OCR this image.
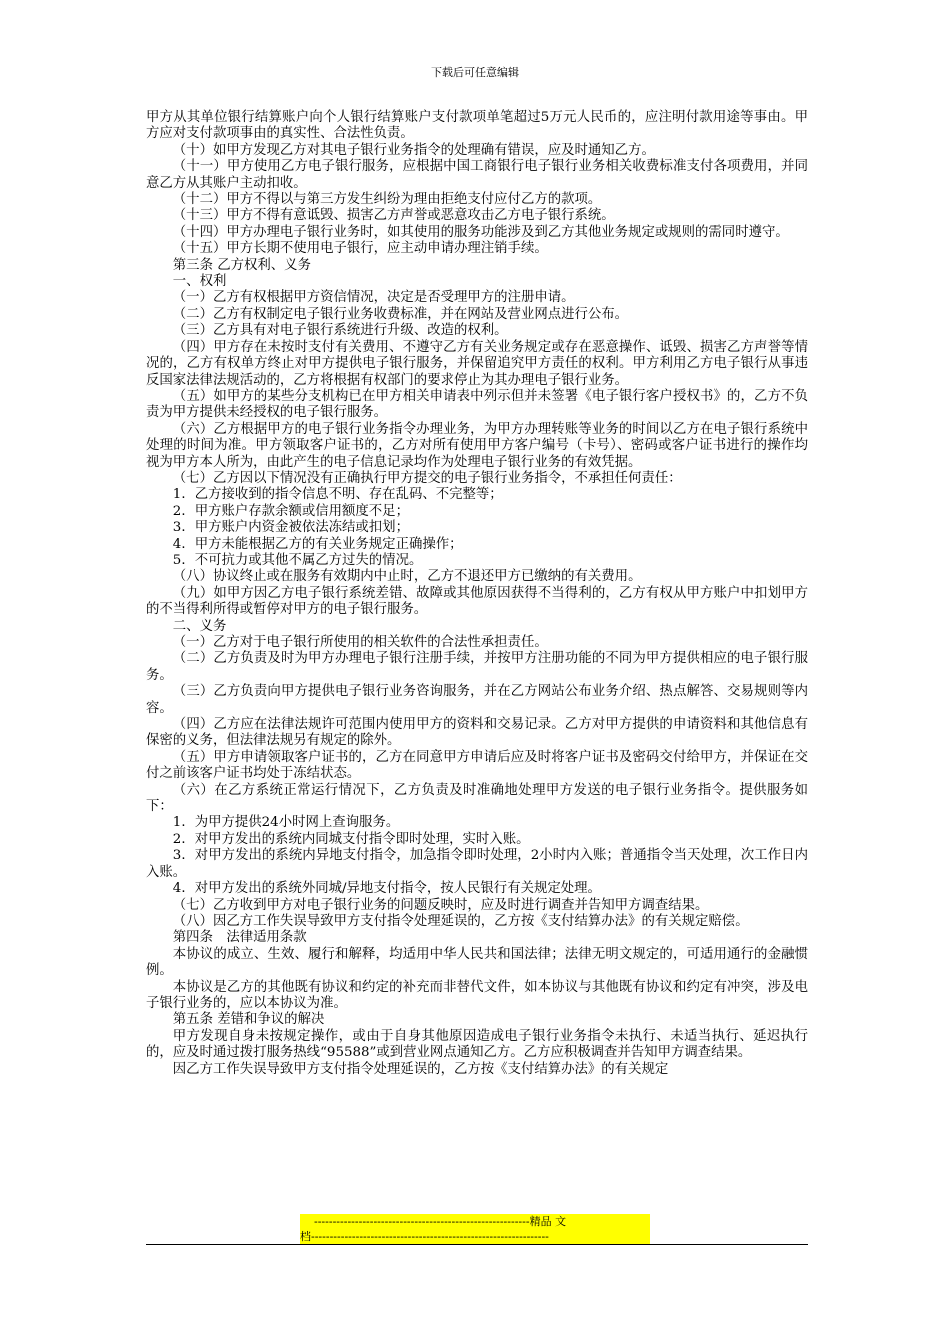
下载后可任意编辑

甲方从其单位银行结算账户向个人银行结算账户支付款项单笔超过5万元人民币的，应注明付款用途等事由。甲方应对支付款项事由的真实性、合法性负责。

（十）如甲方发现乙方对其电子银行业务指令的处理确有错误，应及时通知乙方。

（十一）甲方使用乙方电子银行服务，应根据中国工商银行电子银行业务相关收费标准支付各项费用，并同意乙方从其账户主动扣收。

（十二）甲方不得以与第三方发生纠纷为理由拒绝支付应付乙方的款项。

（十三）甲方不得有意诋毁、损害乙方声誉或恶意攻击乙方电子银行系统。

（十四）甲方办理电子银行业务时，如其使用的服务功能涉及到乙方其他业务规定或规则的需同时遵守。

（十五）甲方长期不使用电子银行，应主动申请办理注销手续。

第三条 乙方权利、义务

一、权利

（一）乙方有权根据甲方资信情况，决定是否受理甲方的注册申请。

（二）乙方有权制定电子银行业务收费标准，并在网站及营业网点进行公布。

（三）乙方具有对电子银行系统进行升级、改造的权利。

（四）甲方存在未按时支付有关费用、不遵守乙方有关业务规定或存在恶意操作、诋毁、损害乙方声誉等情况的，乙方有权单方终止对甲方提供电子银行服务，并保留追究甲方责任的权利。甲方利用乙方电子银行从事违反国家法律法规活动的，乙方将根据有权部门的要求停止为其办理电子银行业务。

（五）如甲方的某些分支机构已在甲方相关申请表中列示但并未签署《电子银行客户授权书》的，乙方不负责为甲方提供未经授权的电子银行服务。

（六）乙方根据甲方的电子银行业务指令办理业务，为甲方办理转账等业务的时间以乙方在电子银行系统中处理的时间为准。甲方领取客户证书的，乙方对所有使用甲方客户编号（卡号）、密码或客户证书进行的操作均视为甲方本人所为，由此产生的电子信息记录均作为处理电子银行业务的有效凭据。

（七）乙方因以下情况没有正确执行甲方提交的电子银行业务指令，不承担任何责任：

1．乙方接收到的指令信息不明、存在乱码、不完整等；

2．甲方账户存款余额或信用额度不足；

3．甲方账户内资金被依法冻结或扣划；

4．甲方未能根据乙方的有关业务规定正确操作；

5．不可抗力或其他不属乙方过失的情况。

（八）协议终止或在服务有效期内中止时，乙方不退还甲方已缴纳的有关费用。

（九）如甲方因乙方电子银行系统差错、故障或其他原因获得不当得利的，乙方有权从甲方账户中扣划甲方的不当得利所得或暂停对甲方的电子银行服务。

二、义务

（一）乙方对于电子银行所使用的相关软件的合法性承担责任。

（二）乙方负责及时为甲方办理电子银行注册手续，并按甲方注册功能的不同为甲方提供相应的电子银行服务。

（三）乙方负责向甲方提供电子银行业务咨询服务，并在乙方网站公布业务介绍、热点解答、交易规则等内容。

（四）乙方应在法律法规许可范围内使用甲方的资料和交易记录。乙方对甲方提供的申请资料和其他信息有保密的义务，但法律法规另有规定的除外。

（五）甲方申请领取客户证书的，乙方在同意甲方申请后应及时将客户证书及密码交付给甲方，并保证在交付之前该客户证书均处于冻结状态。

（六）在乙方系统正常运行情况下，乙方负责及时准确地处理甲方发送的电子银行业务指令。提供服务如下：

1．为甲方提供24小时网上查询服务。

2．对甲方发出的系统内同城支付指令即时处理，实时入账。

3．对甲方发出的系统内异地支付指令，加急指令即时处理，2小时内入账；普通指令当天处理，次工作日内入账。

4．对甲方发出的系统外同城/异地支付指令，按人民银行有关规定处理。

（七）乙方收到甲方对电子银行业务的问题反映时，应及时进行调查并告知甲方调查结果。

（八）因乙方工作失误导致甲方支付指令处理延误的，乙方按《支付结算办法》的有关规定赔偿。

第四条　法律适用条款

本协议的成立、生效、履行和解释，均适用中华人民共和国法律；法律无明文规定的，可适用通行的金融惯例。

本协议是乙方的其他既有协议和约定的补充而非替代文件，如本协议与其他既有协议和约定有冲突，涉及电子银行业务的，应以本协议为准。

第五条 差错和争议的解决

甲方发现自身未按规定操作，或由于自身其他原因造成电子银行业务指令未执行、未适当执行、延迟执行的，应及时通过拨打服务热线“95588”或到营业网点通知乙方。乙方应积极调查并告知甲方调查结果。

因乙方工作失误导致甲方支付指令处理延误的，乙方按《支付结算办法》的有关规定

----------------------------------------------------------精品 文
档----------------------------------------------------------------
